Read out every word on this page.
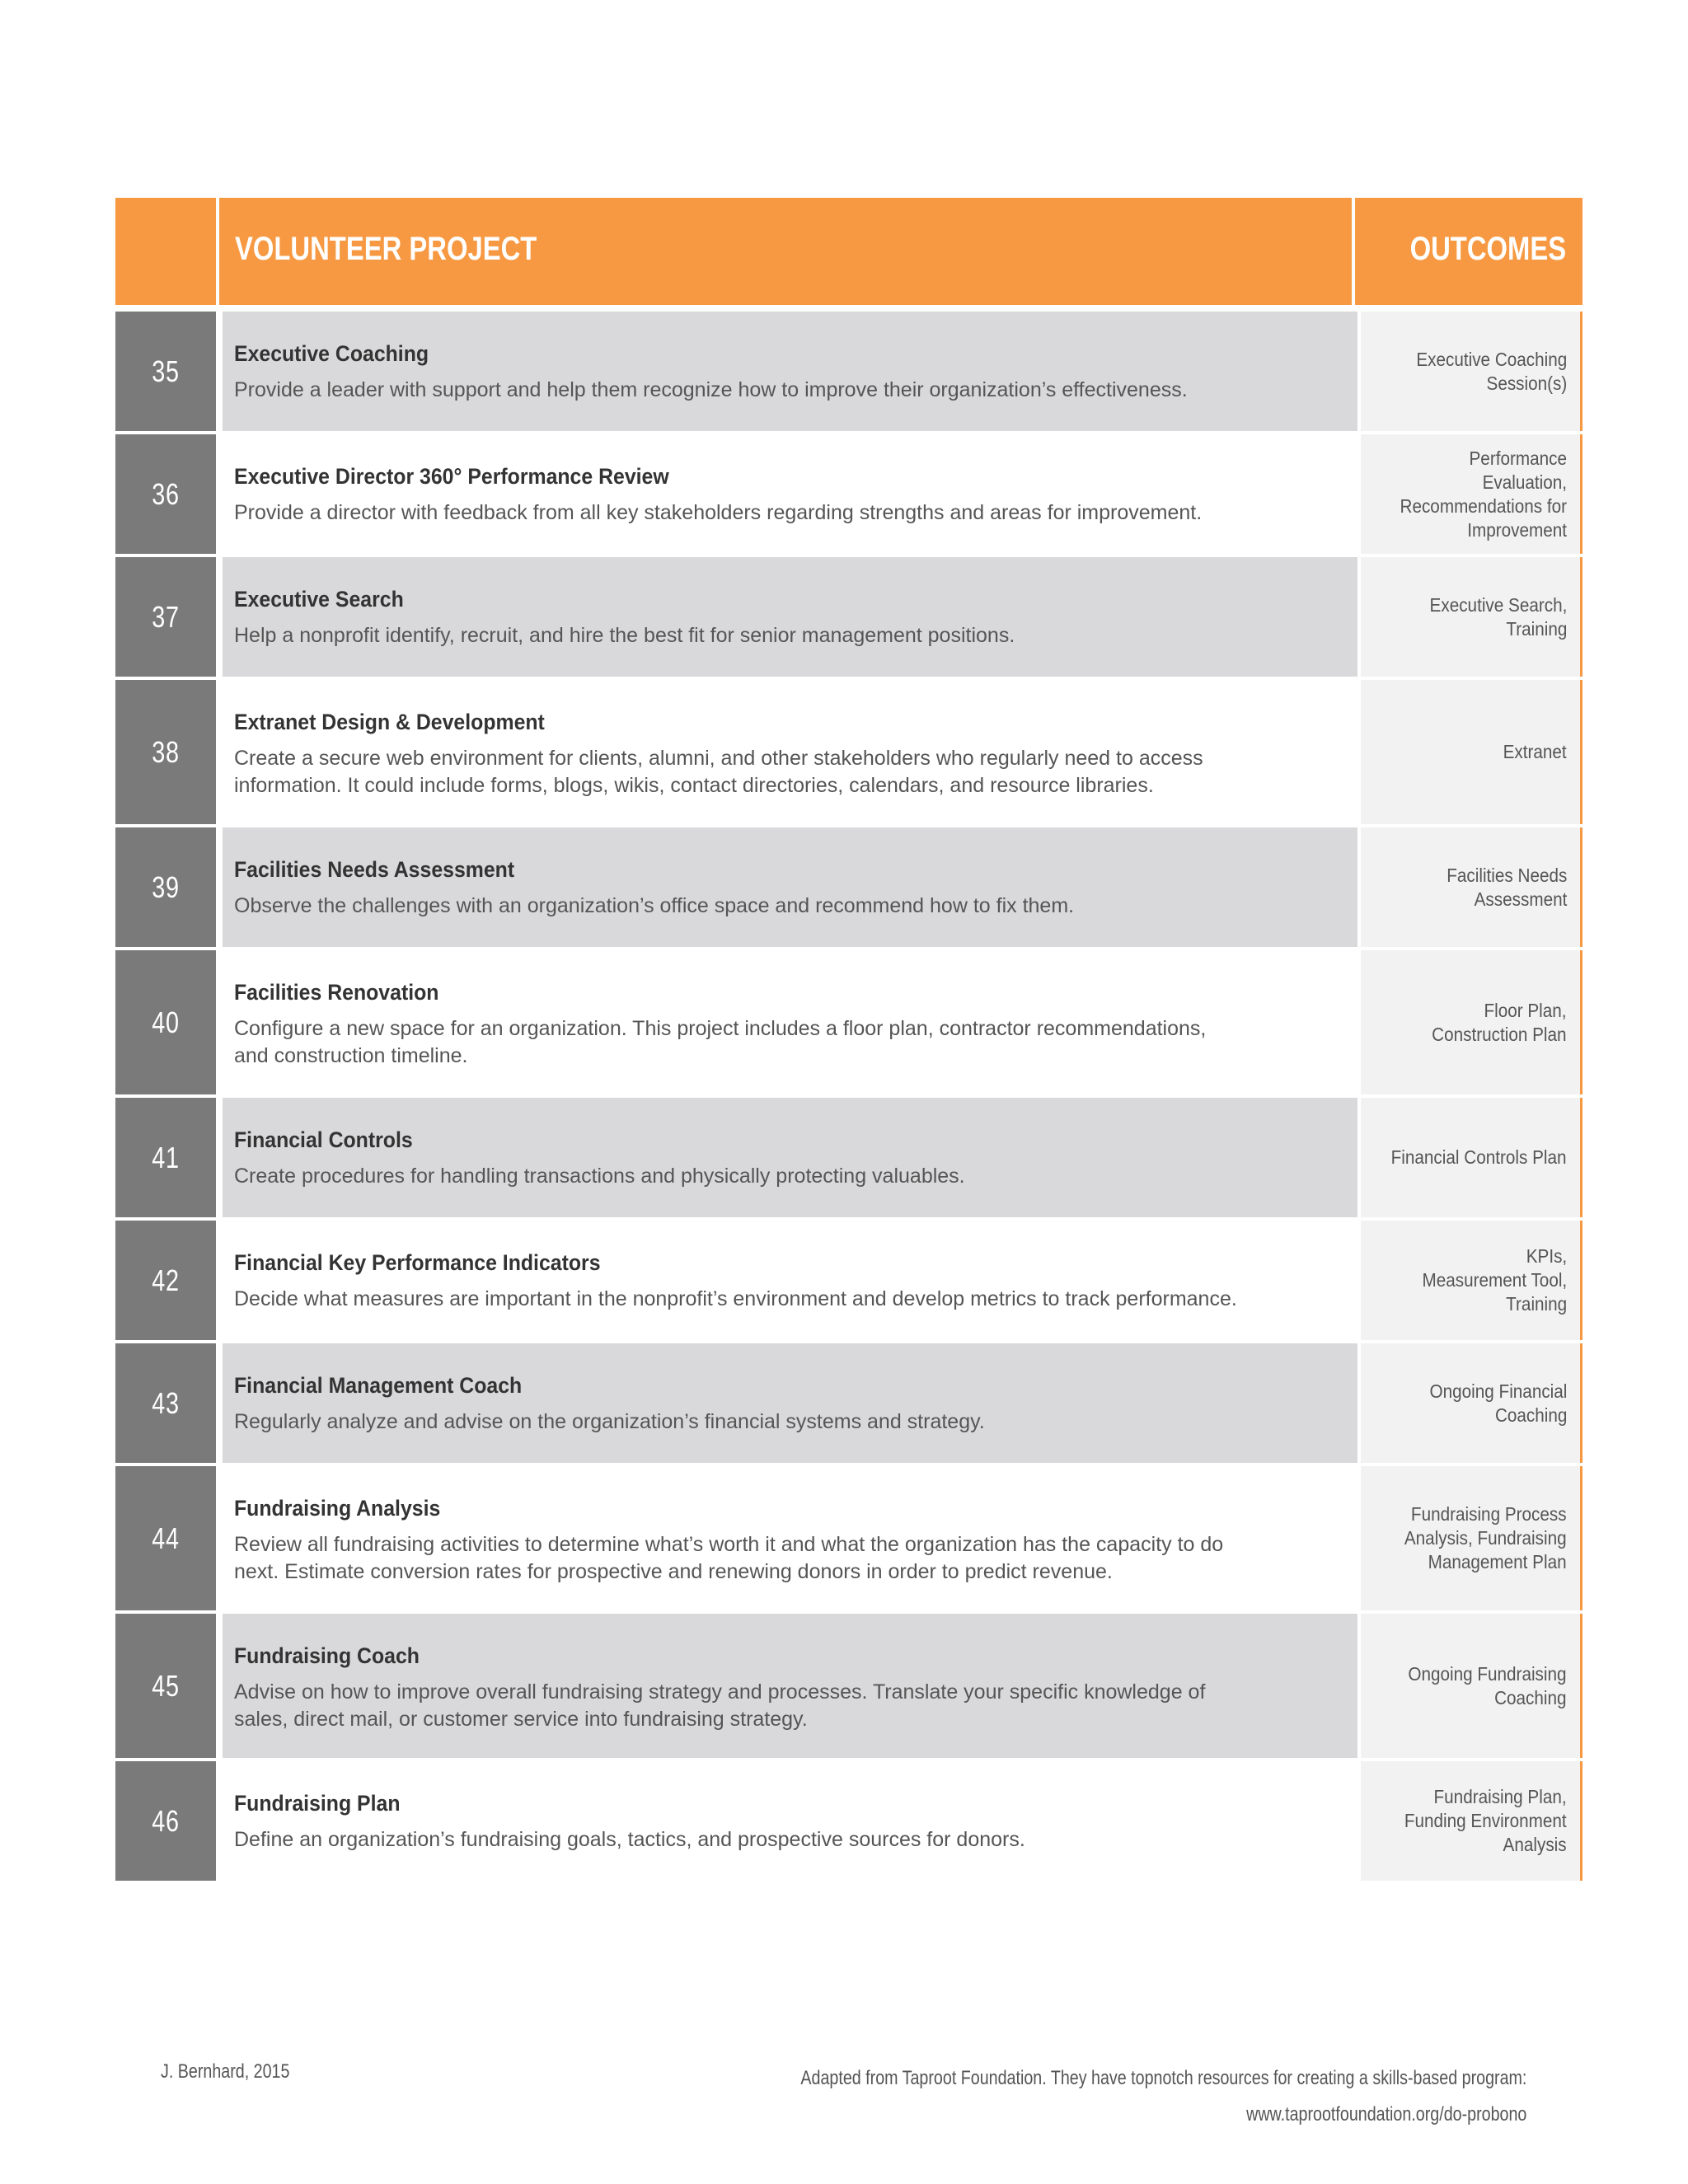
VOLUNTEER PROJECT	OUTCOMES
35
Executive Coaching
Provide a leader with support and help them recognize how to improve their organization’s effectiveness.
Executive Coaching
Session(s)
36
Executive Director 360° Performance Review
Provide a director with feedback from all key stakeholders regarding strengths and areas for improvement.
Performance Evaluation,
Recommendations for
Improvement
37
Executive Search
Help a nonprofit identify, recruit, and hire the best fit for senior management positions.
Executive Search,
Training
38
Extranet Design & Development
Create a secure web environment for clients, alumni, and other stakeholders who regularly need to access
information. It could include forms, blogs, wikis, contact directories, calendars, and resource libraries.
Extranet
39
Facilities Needs Assessment
Observe the challenges with an organization’s office space and recommend how to fix them.
Facilities Needs
Assessment
40
Facilities Renovation
Configure a new space for an organization. This project includes a floor plan, contractor recommendations,
and construction timeline.
Floor Plan,
Construction Plan
41
Financial Controls
Create procedures for handling transactions and physically protecting valuables.
Financial Controls Plan
42
Financial Key Performance Indicators
Decide what measures are important in the nonprofit’s environment and develop metrics to track performance.
KPIs,
Measurement Tool,
Training
43
Financial Management Coach
Regularly analyze and advise on the organization’s financial systems and strategy.
Ongoing Financial
Coaching
44
Fundraising Analysis
Review all fundraising activities to determine what’s worth it and what the organization has the capacity to do
next. Estimate conversion rates for prospective and renewing donors in order to predict revenue.
Fundraising Process
Analysis, Fundraising
Management Plan
45
Fundraising Coach
Advise on how to improve overall fundraising strategy and processes. Translate your specific knowledge of
sales, direct mail, or customer service into fundraising strategy.
Ongoing Fundraising
Coaching
46
Fundraising Plan
Define an organization’s fundraising goals, tactics, and prospective sources for donors.
Fundraising Plan,
Funding Environment
Analysis
J. Bernhard, 2015	Adapted from Taproot Foundation. They have topnotch resources for creating a skills-based program:
www.taprootfoundation.org/do-probono
